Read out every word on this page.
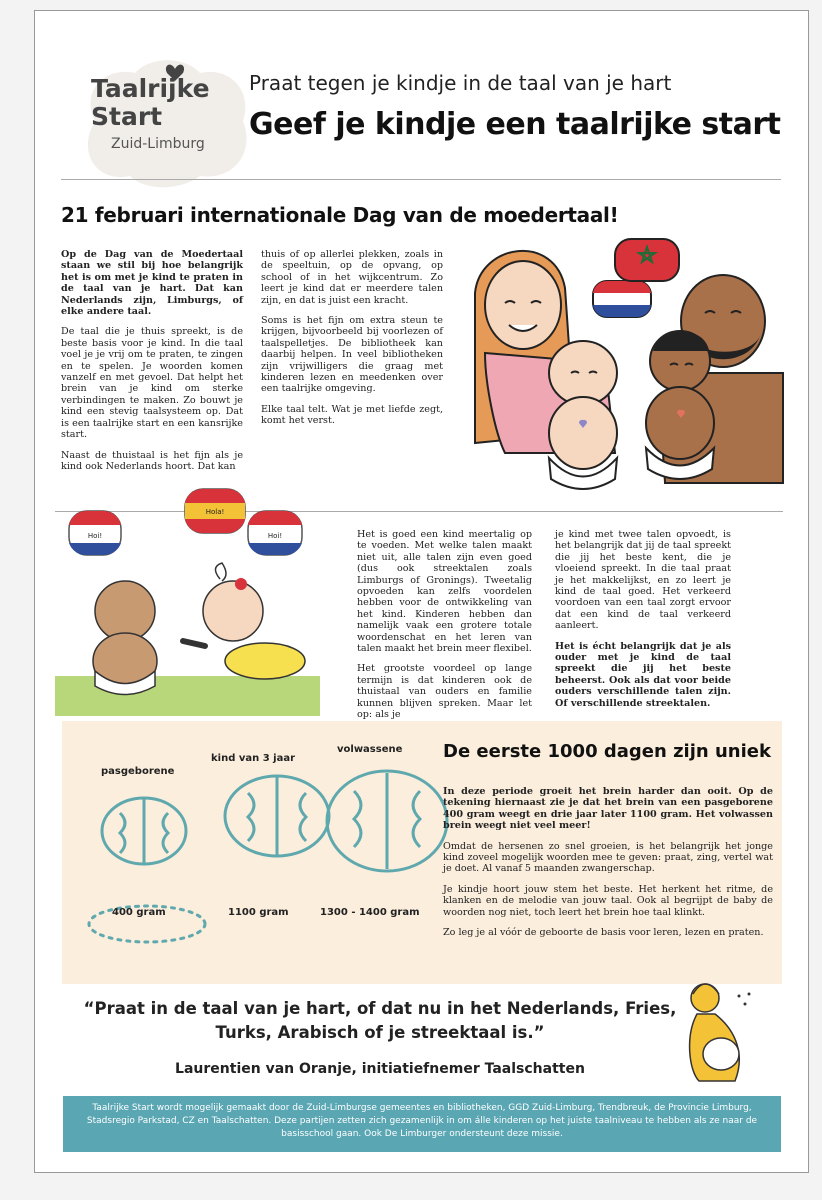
Taalrijke
Start
Zuid-Limburg
Praat tegen je kindje in de taal van je hart
Geef je kindje een taalrijke start
21 februari internationale Dag van de moedertaal!

Op de Dag van de Moedertaal staan we stil bij hoe belangrijk het is om met je kind te praten in de taal van je hart. Dat kan Nederlands zijn, Limburgs, of elke andere taal.

De taal die je thuis spreekt, is de beste basis voor je kind. In die taal voel je je vrij om te praten, te zingen en te spelen. Je woorden komen vanzelf en met gevoel. Dat helpt het brein van je kind om sterke verbindingen te maken. Zo bouwt je kind een stevig taalsysteem op. Dat is een taalrijke start en een kansrijke start.

Naast de thuistaal is het fijn als je kind ook Nederlands hoort. Dat kan

thuis of op allerlei plekken, zoals in de speeltuin, op de opvang, op school of in het wijkcentrum. Zo leert je kind dat er meerdere talen zijn, en dat is juist een kracht.

Soms is het fijn om extra steun te krijgen, bijvoorbeeld bij voorlezen of taalspelletjes. De bibliotheek kan daarbij helpen. In veel bibliotheken zijn vrijwilligers die graag met kinderen lezen en meedenken over een taalrijke omgeving.

Elke taal telt. Wat je met liefde zegt, komt het verst.

Hoi!
Hola!
Hoi!	Het is goed een kind meertalig op te voeden. Met welke talen maakt niet uit, alle talen zijn even goed (dus ook streektalen zoals Limburgs of Gronings). Tweetalig opvoeden kan zelfs voordelen hebben voor de ontwikkeling van het kind. Kinderen hebben dan namelijk vaak een grotere totale woordenschat en het leren van talen maakt het brein meer flexibel.

Het grootste voordeel op lange termijn is dat kinderen ook de thuistaal van ouders en familie kunnen blijven spreken. Maar let op: als je

je kind met twee talen opvoedt, is het belangrijk dat jij de taal spreekt die jij het beste kent, die je vloeiend spreekt. In die taal praat je het makkelijkst, en zo leert je kind de taal goed. Het verkeerd voordoen van een taal zorgt ervoor dat een kind de taal verkeerd aanleert.

Het is écht belangrijk dat je als ouder met je kind de taal spreekt die jij het beste beheerst. Ook als dat voor beide ouders verschillende talen zijn. Of verschillende streektalen.

pasgeborene
kind van 3 jaar
volwassene
400 gram	1100 gram	1300 - 1400 gram
De eerste 1000 dagen zijn uniek

In deze periode groeit het brein harder dan ooit. Op de tekening hiernaast zie je dat het brein van een pasgeborene 400 gram weegt en drie jaar later 1100 gram. Het volwassen brein weegt niet veel meer!

Omdat de hersenen zo snel groeien, is het belangrijk het jonge kind zoveel mogelijk woorden mee te geven: praat, zing, vertel wat je doet. Al vanaf 5 maanden zwangerschap.

Je kindje hoort jouw stem het beste. Het herkent het ritme, de klanken en de melodie van jouw taal. Ook al begrijpt de baby de woorden nog niet, toch leert het brein hoe taal klinkt.

Zo leg je al vóór de geboorte de basis voor leren, lezen en praten.

“Praat in de taal van je hart, of dat nu in het Nederlands, Fries,
Turks, Arabisch of je streektaal is.”
Laurentien van Oranje, initiatiefnemer Taalschatten
Taalrijke Start wordt mogelijk gemaakt door de Zuid-Limburgse gemeentes en bibliotheken, GGD Zuid-Limburg, Trendbreuk, de Provincie Limburg, Stadsregio Parkstad, CZ en Taalschatten. Deze partijen zetten zich gezamenlijk in om álle kinderen op het juiste taalniveau te hebben als ze naar de basisschool gaan. Ook De Limburger ondersteunt deze missie.
